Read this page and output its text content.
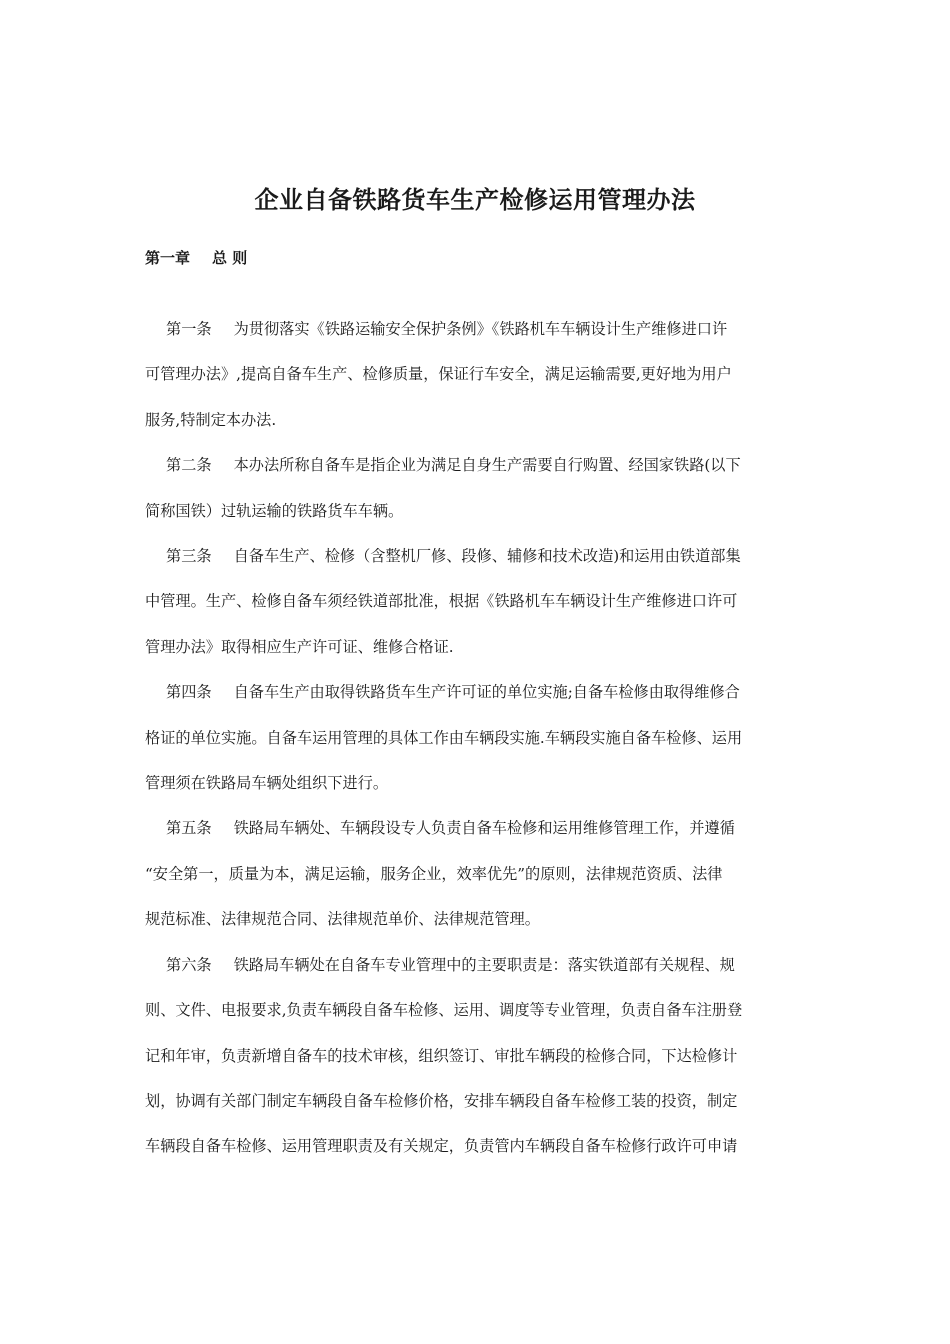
企业自备铁路货车生产检修运用管理办法
第一章 总 则
第一条 为贯彻落实《铁路运输安全保护条例》《铁路机车车辆设计生产维修进口许
可管理办法》,提高自备车生产、检修质量，保证行车安全，满足运输需要,更好地为用户
服务,特制定本办法.
第二条 本办法所称自备车是指企业为满足自身生产需要自行购置、经国家铁路(以下
简称国铁）过轨运输的铁路货车车辆。
第三条 自备车生产、检修（含整机厂修、段修、辅修和技术改造)和运用由铁道部集
中管理。生产、检修自备车须经铁道部批准，根据《铁路机车车辆设计生产维修进口许可
管理办法》取得相应生产许可证、维修合格证.
第四条 自备车生产由取得铁路货车生产许可证的单位实施;自备车检修由取得维修合
格证的单位实施。自备车运用管理的具体工作由车辆段实施.车辆段实施自备车检修、运用
管理须在铁路局车辆处组织下进行。
第五条 铁路局车辆处、车辆段设专人负责自备车检修和运用维修管理工作，并遵循
“安全第一，质量为本，满足运输，服务企业，效率优先”的原则，法律规范资质、法律
规范标准、法律规范合同、法律规范单价、法律规范管理。
第六条 铁路局车辆处在自备车专业管理中的主要职责是：落实铁道部有关规程、规
则、文件、电报要求,负责车辆段自备车检修、运用、调度等专业管理，负责自备车注册登
记和年审，负责新增自备车的技术审核，组织签订、审批车辆段的检修合同，下达检修计
划，协调有关部门制定车辆段自备车检修价格，安排车辆段自备车检修工装的投资，制定
车辆段自备车检修、运用管理职责及有关规定，负责管内车辆段自备车检修行政许可申请
